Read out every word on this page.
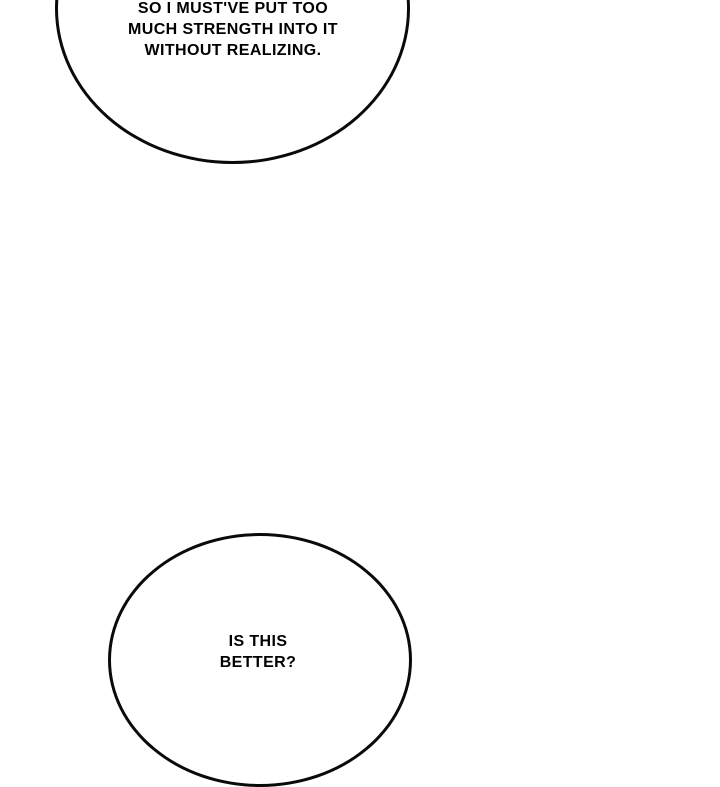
SO I MUST'VE PUT TOO
MUCH STRENGTH INTO IT
WITHOUT REALIZING.
IS THIS
BETTER?
